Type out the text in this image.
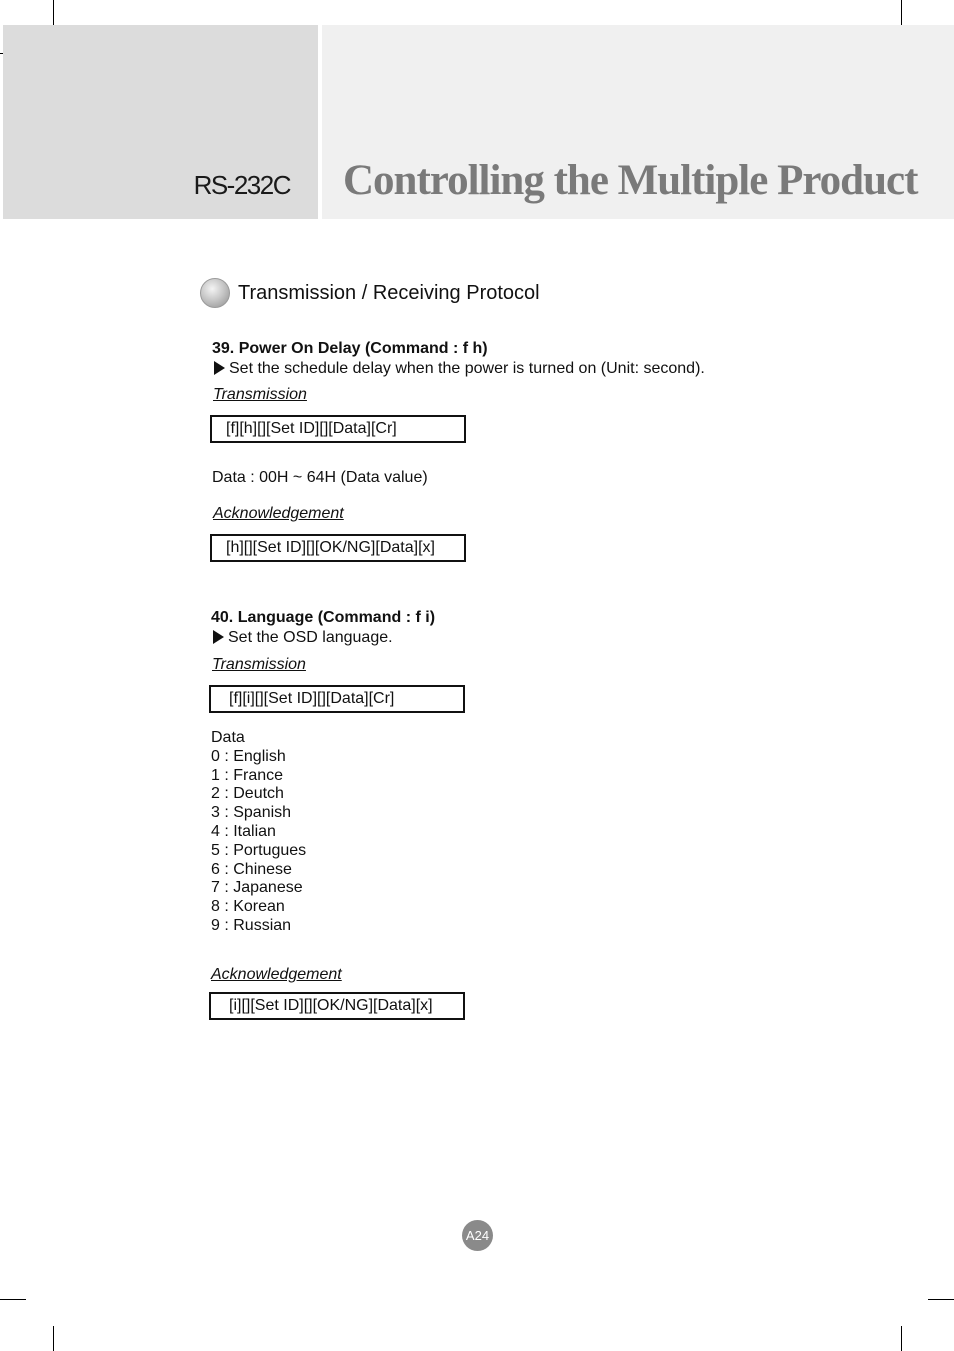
RS-232C Controlling the Multiple Product
Transmission / Receiving Protocol
39. Power On Delay (Command : f h)
Set the schedule delay when the power is turned on (Unit: second).
Transmission
[f][h][][Set ID][][Data][Cr]
Data : 00H ~ 64H (Data value)
Acknowledgement
[h][][Set ID][][OK/NG][Data][x]
40. Language (Command : f i)
Set the OSD language.
Transmission
[f][i][][Set ID][][Data][Cr]
Data
0 : English
1 : France
2 : Deutch
3 : Spanish
4 : Italian
5 : Portugues
6 : Chinese
7 : Japanese
8 : Korean
9 : Russian
Acknowledgement
[i][][Set ID][][OK/NG][Data][x]
A24
